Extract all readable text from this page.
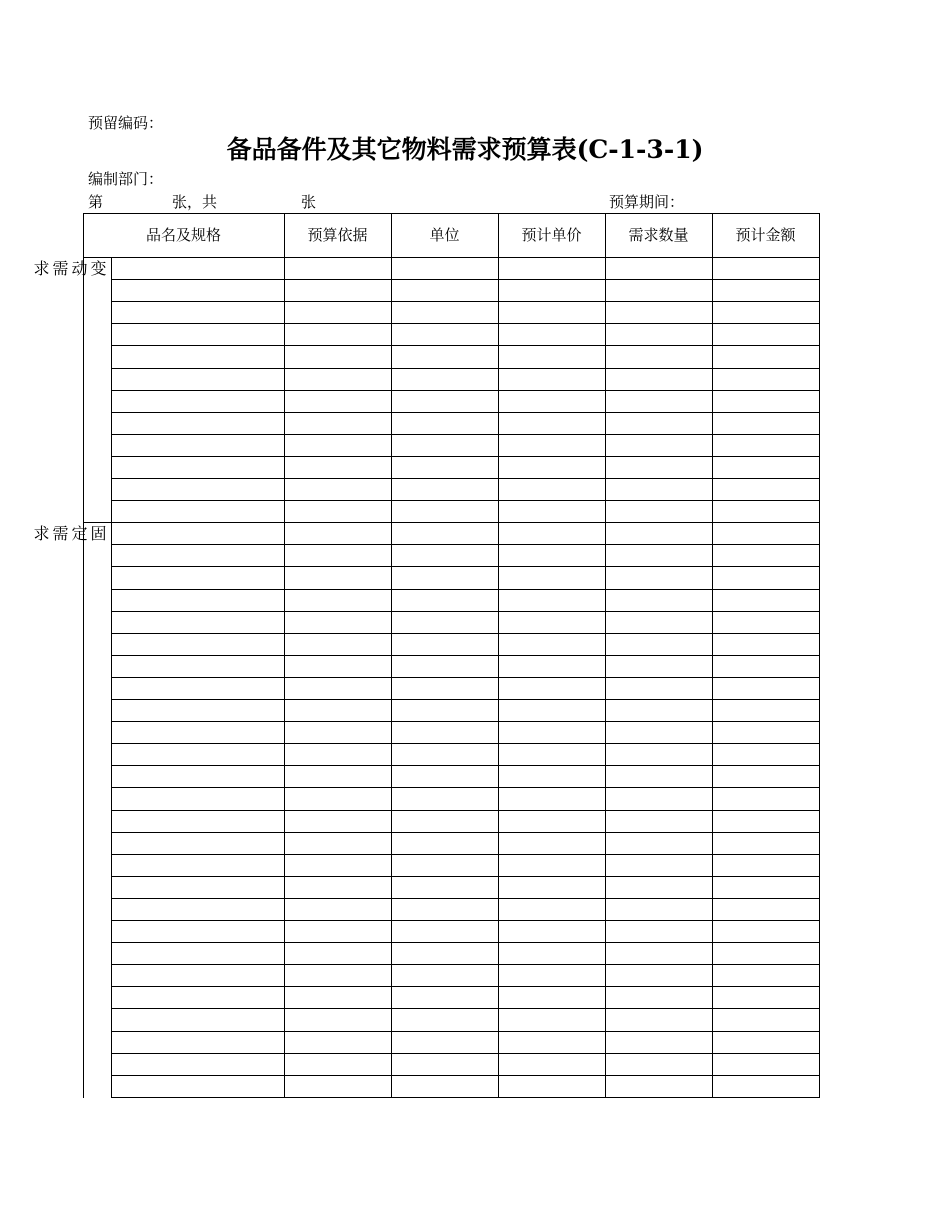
预留编码：
备品备件及其它物料需求预算表(C-1-3-1)
编制部门：
第	张，共	张	预算期间：
品名及规格	预算依据	单位	预计单价	需求数量	预计金额
变动需求
固定需求
